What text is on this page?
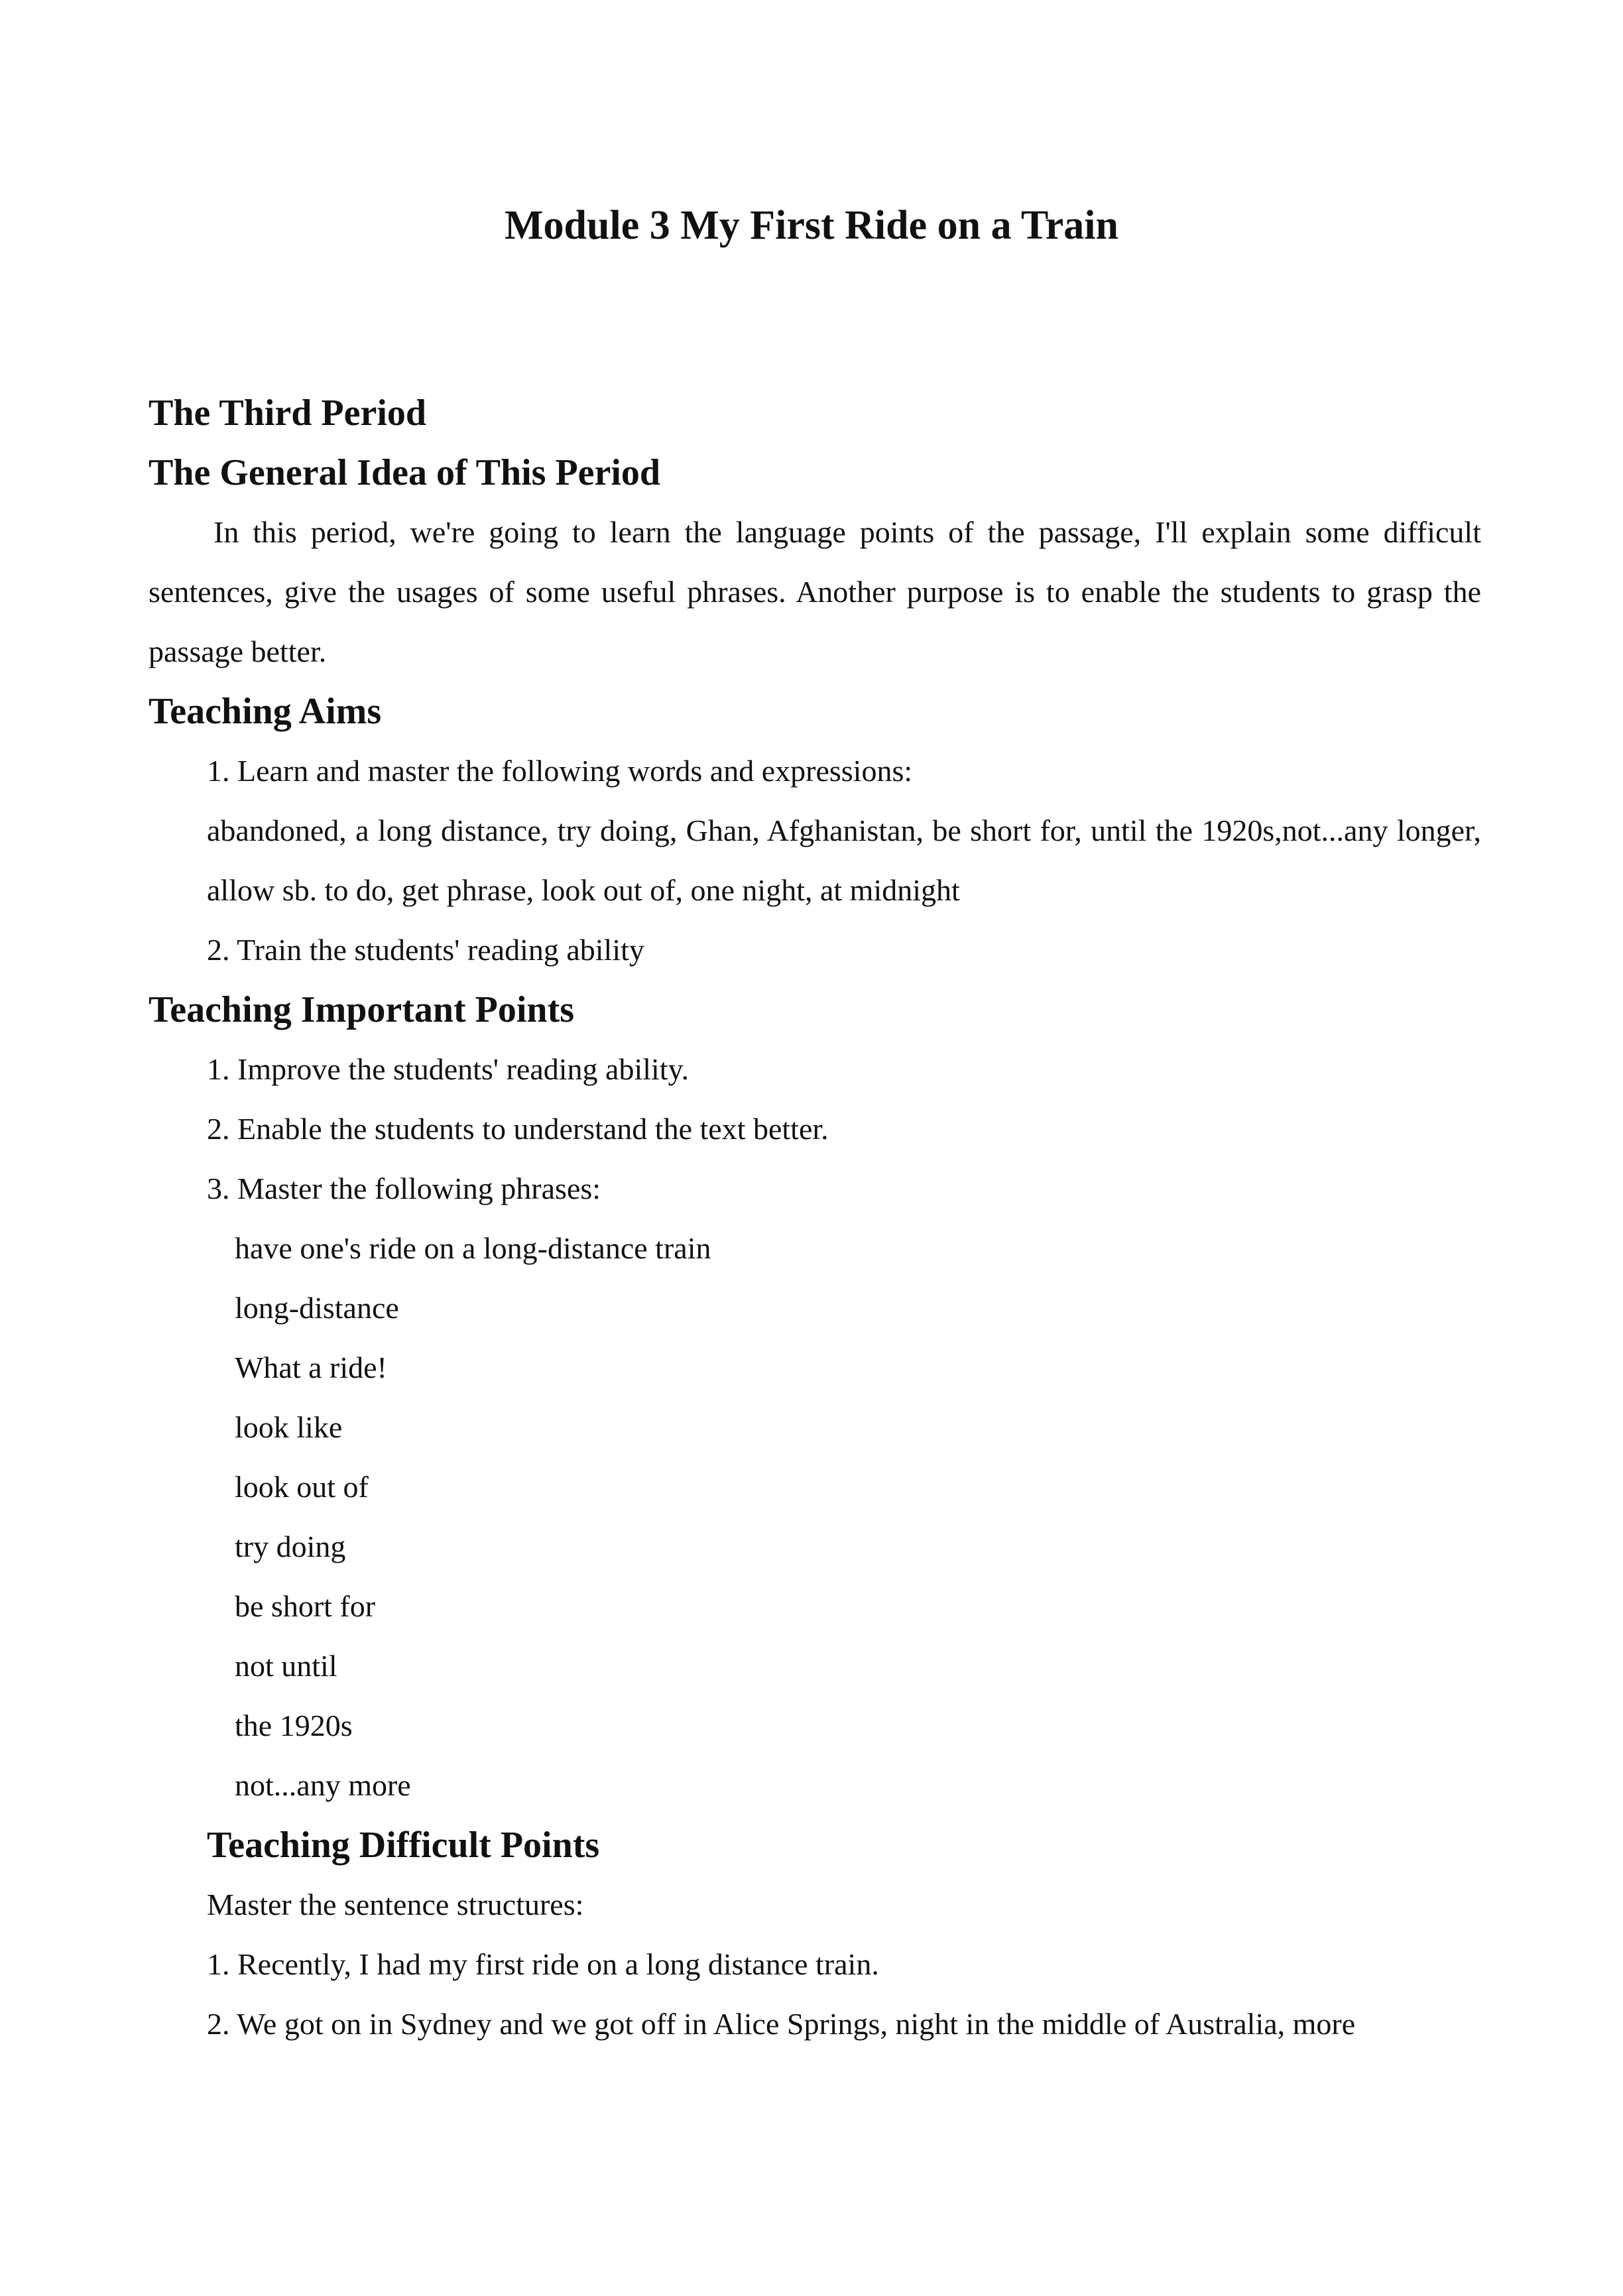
Module 3 My First Ride on a Train

The Third Period

The General Idea of This Period

In this period, we're going to learn the language points of the passage, I'll explain some difficult sentences, give the usages of some useful phrases. Another purpose is to enable the students to grasp the passage better.

Teaching Aims

1. Learn and master the following words and expressions:

abandoned, a long distance, try doing, Ghan, Afghanistan, be short for, until the 1920s,not...any longer, allow sb. to do, get phrase, look out of, one night, at midnight

2. Train the students' reading ability

Teaching Important Points

1. Improve the students' reading ability.

2. Enable the students to understand the text better.

3. Master the following phrases:

have one's ride on a long-distance train

long-distance

What a ride!

look like

look out of

try doing

be short for

not until

the 1920s

not...any more

Teaching Difficult Points

Master the sentence structures:

1. Recently, I had my first ride on a long distance train.

2. We got on in Sydney and we got off in Alice Springs, night in the middle of Australia, more
